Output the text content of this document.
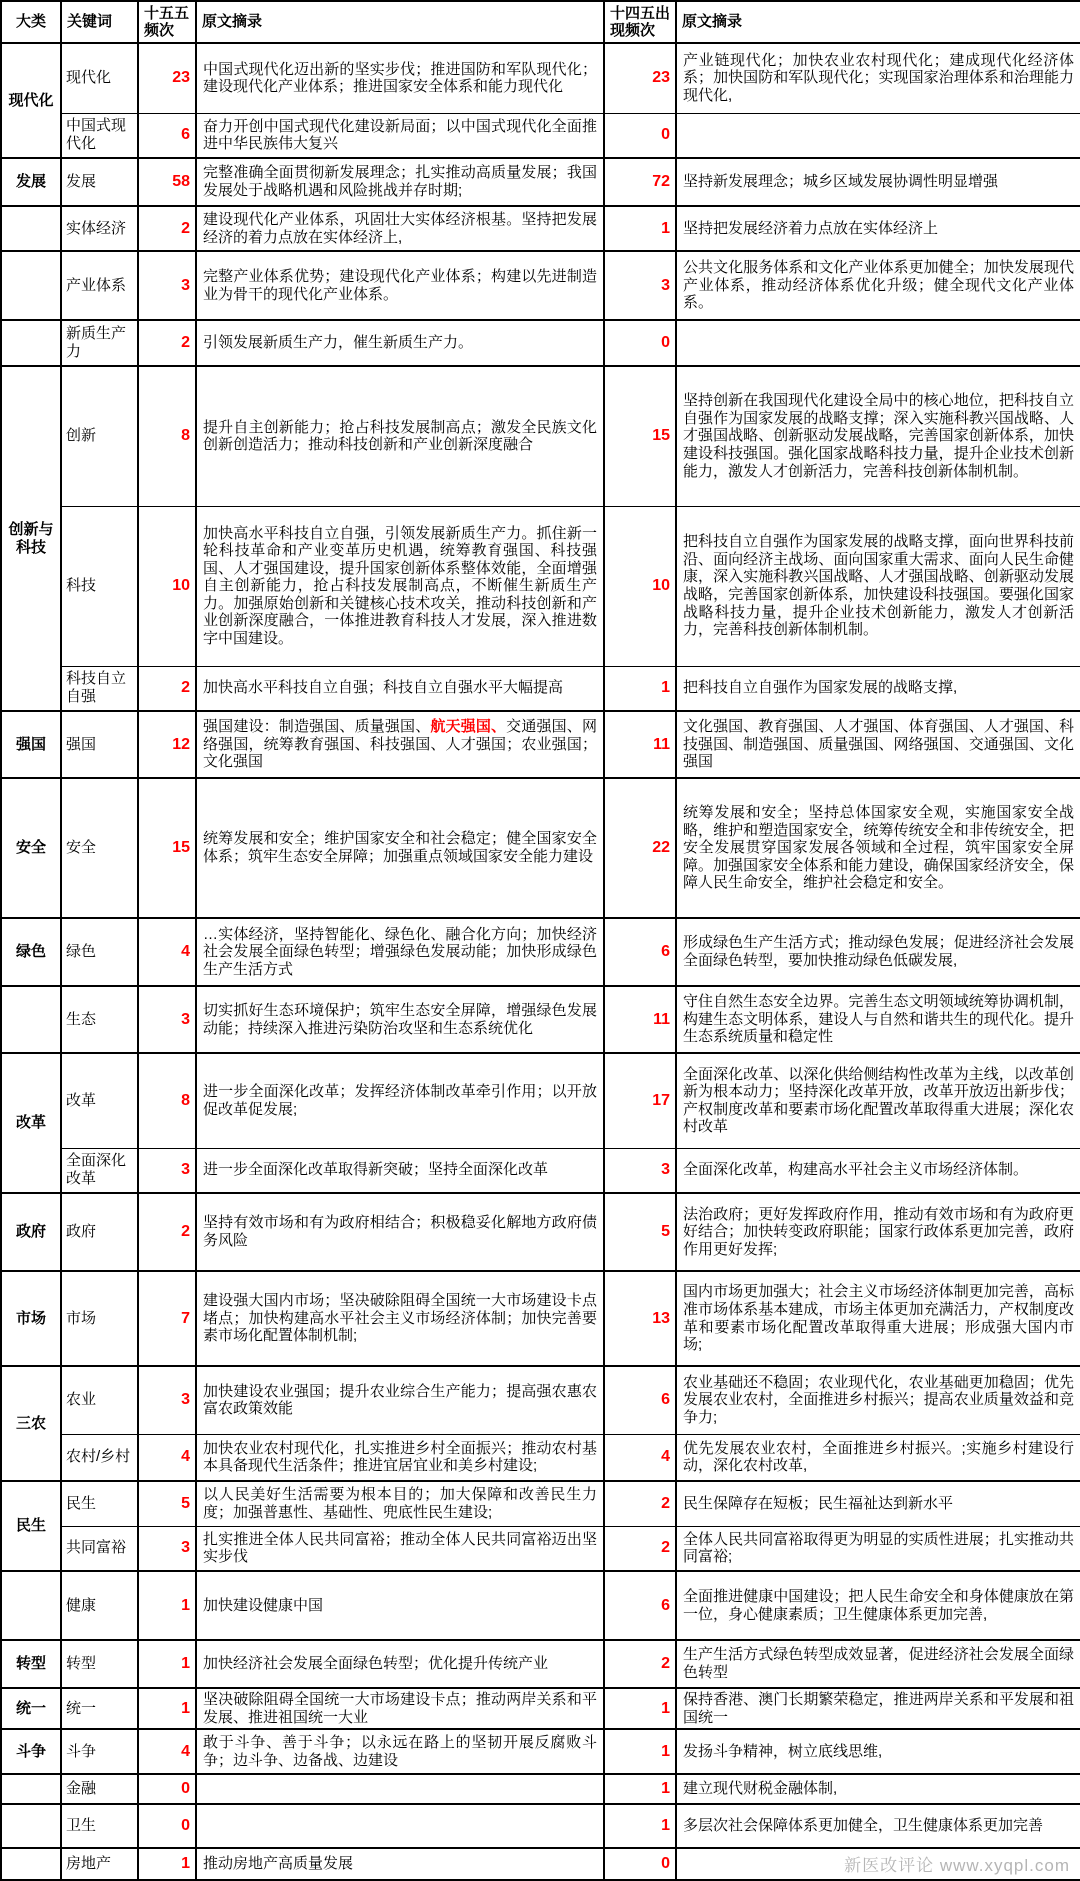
大类	关键词	十五五频次	原文摘录	十四五出现频次	原文摘录
现代化	现代化	23	中国式现代化迈出新的坚实步伐；推进国防和军队现代化；建设现代化产业体系；推进国家安全体系和能力现代化	23	产业链现代化；加快农业农村现代化；建成现代化经济体系；加快国防和军队现代化；实现国家治理体系和治理能力现代化,
	中国式现代化	6	奋力开创中国式现代化建设新局面；以中国式现代化全面推进中华民族伟大复兴	0	
发展	发展	58	完整准确全面贯彻新发展理念；扎实推动高质量发展；我国发展处于战略机遇和风险挑战并存时期;	72	坚持新发展理念；城乡区域发展协调性明显增强
	实体经济	2	建设现代化产业体系，巩固壮大实体经济根基。坚持把发展经济的着力点放在实体经济上,	1	坚持把发展经济着力点放在实体经济上
	产业体系	3	完整产业体系优势；建设现代化产业体系；构建以先进制造业为骨干的现代化产业体系。	3	公共文化服务体系和文化产业体系更加健全；加快发展现代产业体系，推动经济体系优化升级；健全现代文化产业体系。
	新质生产力	2	引领发展新质生产力，催生新质生产力。	0	
创新与科技	创新	8	提升自主创新能力；抢占科技发展制高点；激发全民族文化创新创造活力；推动科技创新和产业创新深度融合	15	坚持创新在我国现代化建设全局中的核心地位，把科技自立自强作为国家发展的战略支撑；深入实施科教兴国战略、人才强国战略、创新驱动发展战略，完善国家创新体系，加快建设科技强国。强化国家战略科技力量，提升企业技术创新能力，激发人才创新活力，完善科技创新体制机制。
	科技	10	加快高水平科技自立自强，引领发展新质生产力。抓住新一轮科技革命和产业变革历史机遇，统筹教育强国、科技强国、人才强国建设，提升国家创新体系整体效能，全面增强自主创新能力，抢占科技发展制高点，不断催生新质生产力。加强原始创新和关键核心技术攻关，推动科技创新和产业创新深度融合，一体推进教育科技人才发展，深入推进数字中国建设。	10	把科技自立自强作为国家发展的战略支撑，面向世界科技前沿、面向经济主战场、面向国家重大需求、面向人民生命健康，深入实施科教兴国战略、人才强国战略、创新驱动发展战略，完善国家创新体系，加快建设科技强国。要强化国家战略科技力量，提升企业技术创新能力，激发人才创新活力，完善科技创新体制机制。
	科技自立自强	2	加快高水平科技自立自强；科技自立自强水平大幅提高	1	把科技自立自强作为国家发展的战略支撑,
强国	强国	12	强国建设：制造强国、质量强国、航天强国、交通强国、网络强国，统筹教育强国、科技强国、人才强国；农业强国；文化强国	11	文化强国、教育强国、人才强国、体育强国、人才强国、科技强国、制造强国、质量强国、网络强国、交通强国、文化强国
安全	安全	15	统筹发展和安全；维护国家安全和社会稳定；健全国家安全体系；筑牢生态安全屏障；加强重点领域国家安全能力建设	22	统筹发展和安全；坚持总体国家安全观，实施国家安全战略，维护和塑造国家安全，统筹传统安全和非传统安全，把安全发展贯穿国家发展各领域和全过程，筑牢国家安全屏障。加强国家安全体系和能力建设，确保国家经济安全，保障人民生命安全，维护社会稳定和安全。
绿色	绿色	4	…实体经济，坚持智能化、绿色化、融合化方向；加快经济社会发展全面绿色转型；增强绿色发展动能；加快形成绿色生产生活方式	6	形成绿色生产生活方式；推动绿色发展；促进经济社会发展全面绿色转型，要加快推动绿色低碳发展,
	生态	3	切实抓好生态环境保护；筑牢生态安全屏障，增强绿色发展动能；持续深入推进污染防治攻坚和生态系统优化	11	守住自然生态安全边界。完善生态文明领域统筹协调机制，构建生态文明体系，建设人与自然和谐共生的现代化。提升生态系统质量和稳定性
改革	改革	8	进一步全面深化改革；发挥经济体制改革牵引作用；以开放促改革促发展;	17	全面深化改革、以深化供给侧结构性改革为主线，以改革创新为根本动力；坚持深化改革开放，改革开放迈出新步伐；产权制度改革和要素市场化配置改革取得重大进展；深化农村改革
	全面深化改革	3	进一步全面深化改革取得新突破；坚持全面深化改革	3	全面深化改革，构建高水平社会主义市场经济体制。
政府	政府	2	坚持有效市场和有为政府相结合；积极稳妥化解地方政府债务风险	5	法治政府；更好发挥政府作用，推动有效市场和有为政府更好结合；加快转变政府职能；国家行政体系更加完善，政府作用更好发挥;
市场	市场	7	建设强大国内市场；坚决破除阻碍全国统一大市场建设卡点堵点；加快构建高水平社会主义市场经济体制；加快完善要素市场化配置体制机制;	13	国内市场更加强大；社会主义市场经济体制更加完善，高标准市场体系基本建成，市场主体更加充满活力，产权制度改革和要素市场化配置改革取得重大进展；形成强大国内市场;
三农	农业	3	加快建设农业强国；提升农业综合生产能力；提高强农惠农富农政策效能	6	农业基础还不稳固；农业现代化，农业基础更加稳固；优先发展农业农村，全面推进乡村振兴；提高农业质量效益和竞争力;
	农村/乡村	4	加快农业农村现代化，扎实推进乡村全面振兴；推动农村基本具备现代生活条件；推进宜居宜业和美乡村建设;	4	优先发展农业农村，全面推进乡村振兴。;实施乡村建设行动，深化农村改革,
民生	民生	5	以人民美好生活需要为根本目的；加大保障和改善民生力度；加强普惠性、基础性、兜底性民生建设;	2	民生保障存在短板；民生福祉达到新水平
	共同富裕	3	扎实推进全体人民共同富裕；推动全体人民共同富裕迈出坚实步伐	2	全体人民共同富裕取得更为明显的实质性进展；扎实推动共同富裕;
	健康	1	加快建设健康中国	6	全面推进健康中国建设；把人民生命安全和身体健康放在第一位，身心健康素质；卫生健康体系更加完善,
转型	转型	1	加快经济社会发展全面绿色转型；优化提升传统产业	2	生产生活方式绿色转型成效显著，促进经济社会发展全面绿色转型
统一	统一	1	坚决破除阻碍全国统一大市场建设卡点；推动两岸关系和平发展、推进祖国统一大业	1	保持香港、澳门长期繁荣稳定，推进两岸关系和平发展和祖国统一
斗争	斗争	4	敢于斗争、善于斗争；以永远在路上的坚韧开展反腐败斗争；边斗争、边备战、边建设	1	发扬斗争精神，树立底线思维,
	金融	0		1	建立现代财税金融体制,
	卫生	0		1	多层次社会保障体系更加健全，卫生健康体系更加完善
	房地产	1	推动房地产高质量发展	0		新医改评论 www.xyqpl.com
